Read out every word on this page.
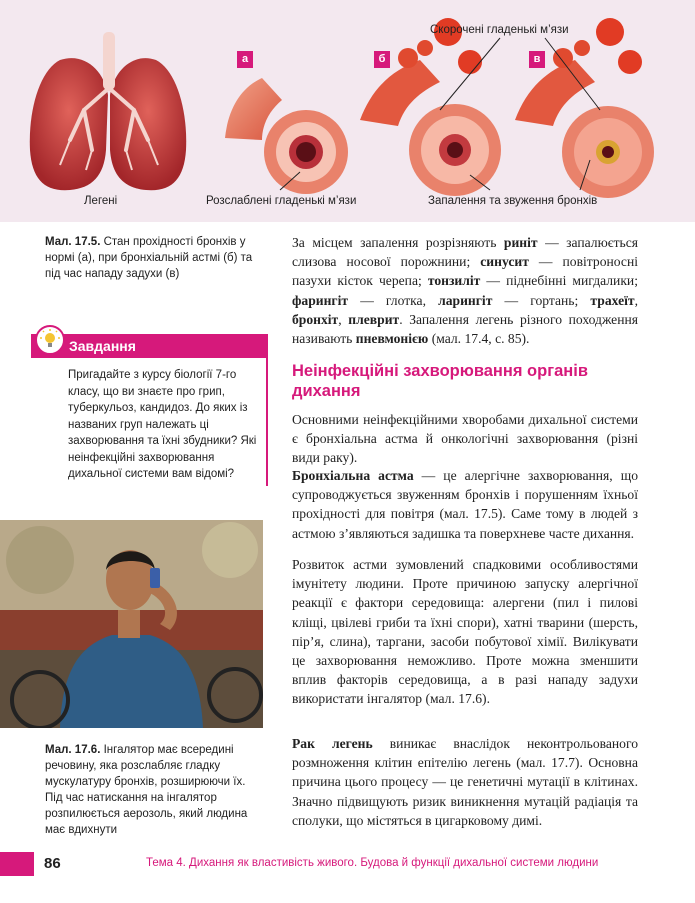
Скорочені гладенькі м’язи
а	б	в
Легені	Розслаблені гладенькі м’язи	Запалення та звуження бронхів
Мал. 17.5. Стан прохідності бронхів у нормі (а), при бронхіальній астмі (б) та під час нападу задухи (в)
Завдання
Пригадайте з курсу біології 7-го класу, що ви знаєте про грип, туберкульоз, кандидоз. До яких із названих груп належать ці захворювання та їхні збудники? Які неінфекційні захворювання дихальної системи вам відомі?
Мал. 17.6. Інгалятор має всередині речовину, яка розслабляє гладку мускулатуру бронхів, розширюючи їх. Під час натискання на інгалятор розпилюється аерозоль, який людина має вдихнути
За місцем запалення розрізняють риніт — запалюється слизова носової порожнини; синусит — повітроносні пазухи кісток черепа; тонзиліт — піднебінні мигдалики; фарингіт — глотка, ларингіт — гортань; трахеїт, бронхіт, плеврит. Запалення легень різного походження називають пневмонією (мал. 17.4, с. 85).
Неінфекційні захворювання органів дихання
Основними неінфекційними хворобами дихальної системи є бронхіальна астма й онкологічні захворювання (різні види раку).
Бронхіальна астма — це алергічне захворювання, що супроводжується звуженням бронхів і порушенням їхньої прохідності для повітря (мал. 17.5). Саме тому в людей з астмою з’являються задишка та поверхневе часте дихання.
Розвиток астми зумовлений спадковими особливостями імунітету людини. Проте причиною запуску алергічної реакції є фактори середовища: алергени (пил і пилові кліщі, цвілеві гриби та їхні спори), хатні тварини (шерсть, пір’я, слина), таргани, засоби побутової хімії. Вилікувати це захворювання неможливо. Проте можна зменшити вплив факторів середовища, а в разі нападу задухи використати інгалятор (мал. 17.6).
Рак легень виникає внаслідок неконтрольованого розмноження клітин епітелію легень (мал. 17.7). Основна причина цього процесу — це генетичні мутації в клітинах. Значно підвищують ризик виникнення мутацій радіація та сполуки, що містяться в цигарковому димі.
86	Тема 4. Дихання як властивість живого. Будова й функції дихальної системи людини
